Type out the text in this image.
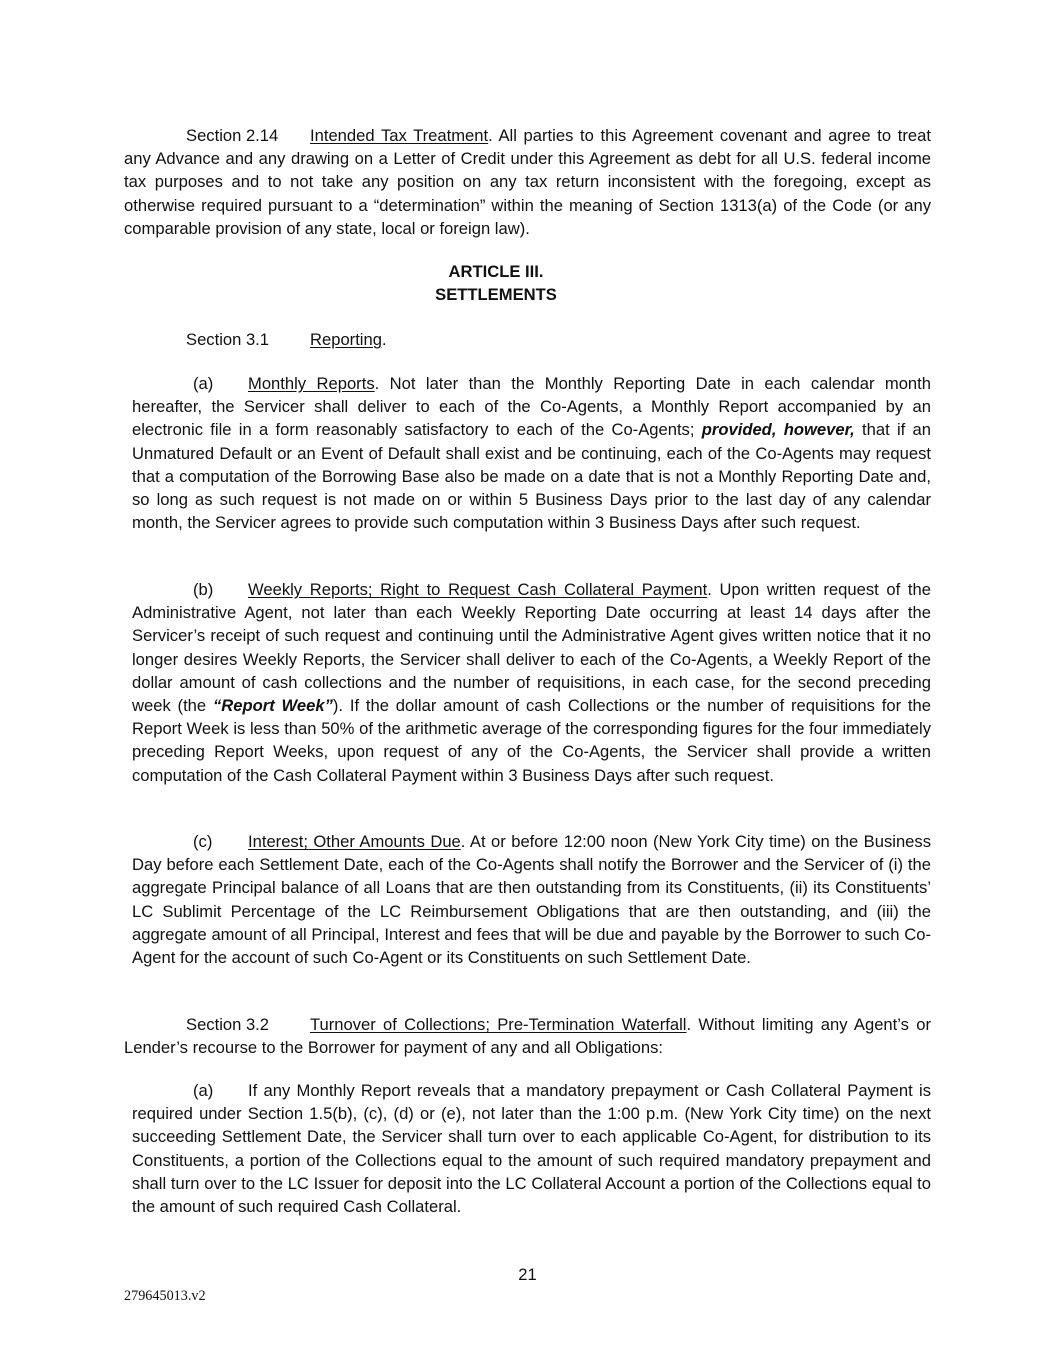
Section 2.14 Intended Tax Treatment. All parties to this Agreement covenant and agree to treat any Advance and any drawing on a Letter of Credit under this Agreement as debt for all U.S. federal income tax purposes and to not take any position on any tax return inconsistent with the foregoing, except as otherwise required pursuant to a “determination” within the meaning of Section 1313(a) of the Code (or any comparable provision of any state, local or foreign law).

ARTICLE III.
SETTLEMENTS

Section 3.1 Reporting.

(a) Monthly Reports. Not later than the Monthly Reporting Date in each calendar month hereafter, the Servicer shall deliver to each of the Co-Agents, a Monthly Report accompanied by an electronic file in a form reasonably satisfactory to each of the Co-Agents; provided, however, that if an Unmatured Default or an Event of Default shall exist and be continuing, each of the Co-Agents may request that a computation of the Borrowing Base also be made on a date that is not a Monthly Reporting Date and, so long as such request is not made on or within 5 Business Days prior to the last day of any calendar month, the Servicer agrees to provide such computation within 3 Business Days after such request.

(b) Weekly Reports; Right to Request Cash Collateral Payment. Upon written request of the Administrative Agent, not later than each Weekly Reporting Date occurring at least 14 days after the Servicer’s receipt of such request and continuing until the Administrative Agent gives written notice that it no longer desires Weekly Reports, the Servicer shall deliver to each of the Co-Agents, a Weekly Report of the dollar amount of cash collections and the number of requisitions, in each case, for the second preceding week (the “Report Week”). If the dollar amount of cash Collections or the number of requisitions for the Report Week is less than 50% of the arithmetic average of the corresponding figures for the four immediately preceding Report Weeks, upon request of any of the Co-Agents, the Servicer shall provide a written computation of the Cash Collateral Payment within 3 Business Days after such request.

(c) Interest; Other Amounts Due. At or before 12:00 noon (New York City time) on the Business Day before each Settlement Date, each of the Co-Agents shall notify the Borrower and the Servicer of (i) the aggregate Principal balance of all Loans that are then outstanding from its Constituents, (ii) its Constituents’ LC Sublimit Percentage of the LC Reimbursement Obligations that are then outstanding, and (iii) the aggregate amount of all Principal, Interest and fees that will be due and payable by the Borrower to such Co-Agent for the account of such Co-Agent or its Constituents on such Settlement Date.

Section 3.2 Turnover of Collections; Pre-Termination Waterfall. Without limiting any Agent’s or Lender’s recourse to the Borrower for payment of any and all Obligations:

(a) If any Monthly Report reveals that a mandatory prepayment or Cash Collateral Payment is required under Section 1.5(b), (c), (d) or (e), not later than the 1:00 p.m. (New York City time) on the next succeeding Settlement Date, the Servicer shall turn over to each applicable Co-Agent, for distribution to its Constituents, a portion of the Collections equal to the amount of such required mandatory prepayment and shall turn over to the LC Issuer for deposit into the LC Collateral Account a portion of the Collections equal to the amount of such required Cash Collateral.

21
279645013.v2
